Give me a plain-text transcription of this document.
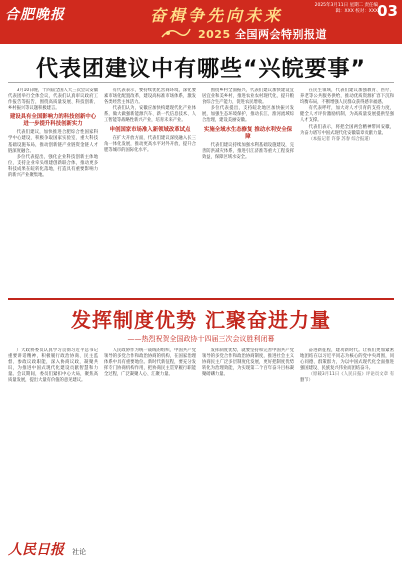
合肥晚报	奋楫争先向未来
2025年3月11日 星期二 责任编辑：XXX 校对：XXX 03
2025 全国两会特别报道
代表团建议中有哪些“兴皖要事”

3月10日晚，十四届全国人大三次会议安徽代表团举行全体会议，代表们认真审议政府工作报告等报告，围绕高质量发展、科技创新、乡村振兴等议题积极建言。

建设具有全国影响力的科技创新中心 进一步提升科技创新实力

代表们建议，加快推进合肥综合性国家科学中心建设，积极争取国家实验室、重大科技基础设施布局，推动创新链产业链资金链人才链深度融合。

多位代表提出，强化企业科技创新主体地位，支持企业牵头组建创新联合体，推动更多科技成果在皖转化落地，打造具有重要影响力的新兴产业聚集地。

有代表表示，要持续优化营商环境，深化要素市场化配置改革，建设高标准市场体系，激发各类经营主体活力。

代表们认为，安徽应加快构建现代化产业体系，做大做强新能源汽车、新一代信息技术、人工智能等战略性新兴产业，培育未来产业。

申创国家市场准入新领域改革试点

在扩大开放方面，代表们建议深度融入长三角一体化发展，推动更高水平对外开放，提升合肥等城市的国际化水平。

围绕乡村全面振兴，代表们建议加快建设宜居宜业和美乡村，推进农业农村现代化，提升粮食综合生产能力，促进农民增收。

多位代表提出，支持皖北地区加快振兴发展，加强生态环境保护，推动长江、淮河流域综合治理，建设美丽安徽。

实施全域水生态修复 推动水利安全保障

代表们建议持续加强水利基础设施建设，完善防洪减灾体系，推进引江济淮等重大工程发挥效益，保障区域水安全。

在民生领域，代表们建议加强教育、医疗、养老等公共服务供给，推动优质资源扩容下沉和均衡布局，不断增强人民群众获得感幸福感。

有代表呼吁，加大对人才引育的支持力度，健全人才评价激励机制，为高质量发展提供坚强人才支撑。

代表们表示，将把全国两会精神带回安徽，为奋力谱写中国式现代化安徽篇章贡献力量。

（本报记者 许睿 苏春 综合报道）

发挥制度优势 汇聚奋进力量
——热烈祝贺全国政协十四届三次会议胜利闭幕

广大政协委员认真学习贯彻习近平总书记重要讲话精神，积极履行政治协商、民主监督、参政议政职能，深入协商议政，凝聚共识，为推进中国式现代化建设贡献智慧和力量。会议期间，委员们紧扣中心大局，聚焦高质量发展，提出大量有价值的意见建议。

人民政协作为统一战线的组织、中国共产党领导的多党合作和政治协商的机构，在国家治理体系中具有重要地位。新时代新征程，要充分发挥专门协商机构作用，把协商民主贯穿履行职能全过程，广泛凝聚人心、汇聚力量。

发挥制度优势，就要坚持和完善中国共产党领导的多党合作和政治协商制度，推进社会主义协商民主广泛多层制度化发展，更好把制度优势转化为治理效能，为实现第二个百年奋斗目标凝聚磅礴力量。

奋进新征程，建功新时代。让我们更加紧密地团结在以习近平同志为核心的党中央周围，同心同德、群策群力，为以中国式现代化全面推进强国建设、民族复兴伟业而团结奋斗。

（原载3月11日《人民日报》评论员文章 有删节）

人民日报 社论
